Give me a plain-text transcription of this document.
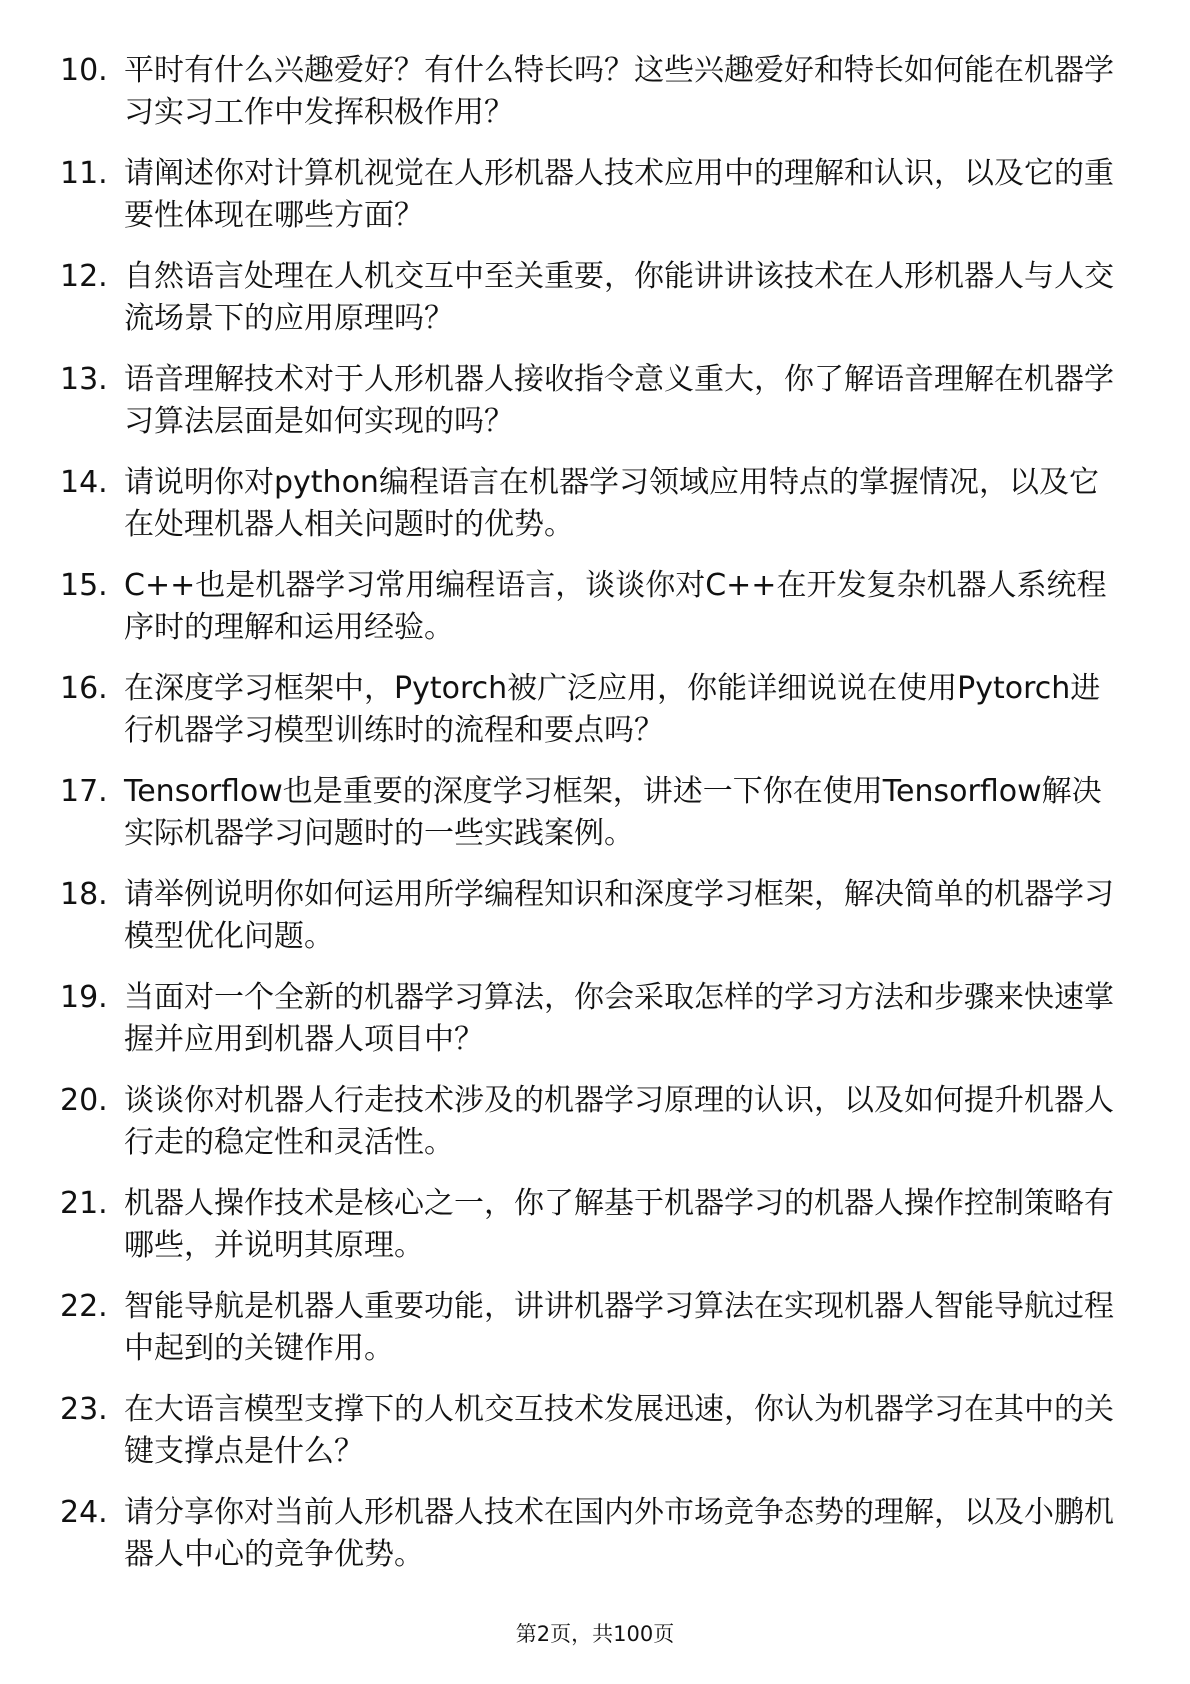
10. 平时有什么兴趣爱好？有什么特长吗？这些兴趣爱好和特长如何能在机器学习实习工作中发挥积极作用？
11. 请阐述你对计算机视觉在人形机器人技术应用中的理解和认识，以及它的重要性体现在哪些方面？
12. 自然语言处理在人机交互中至关重要，你能讲讲该技术在人形机器人与人交流场景下的应用原理吗？
13. 语音理解技术对于人形机器人接收指令意义重大，你了解语音理解在机器学习算法层面是如何实现的吗？
14. 请说明你对python编程语言在机器学习领域应用特点的掌握情况，以及它在处理机器人相关问题时的优势。
15. C++也是机器学习常用编程语言，谈谈你对C++在开发复杂机器人系统程序时的理解和运用经验。
16. 在深度学习框架中，Pytorch被广泛应用，你能详细说说在使用Pytorch进行机器学习模型训练时的流程和要点吗？
17. Tensorflow也是重要的深度学习框架，讲述一下你在使用Tensorflow解决实际机器学习问题时的一些实践案例。
18. 请举例说明你如何运用所学编程知识和深度学习框架，解决简单的机器学习模型优化问题。
19. 当面对一个全新的机器学习算法，你会采取怎样的学习方法和步骤来快速掌握并应用到机器人项目中？
20. 谈谈你对机器人行走技术涉及的机器学习原理的认识，以及如何提升机器人行走的稳定性和灵活性。
21. 机器人操作技术是核心之一，你了解基于机器学习的机器人操作控制策略有哪些，并说明其原理。
22. 智能导航是机器人重要功能，讲讲机器学习算法在实现机器人智能导航过程中起到的关键作用。
23. 在大语言模型支撑下的人机交互技术发展迅速，你认为机器学习在其中的关键支撑点是什么？
24. 请分享你对当前人形机器人技术在国内外市场竞争态势的理解，以及小鹏机器人中心的竞争优势。
第2页，共100页
